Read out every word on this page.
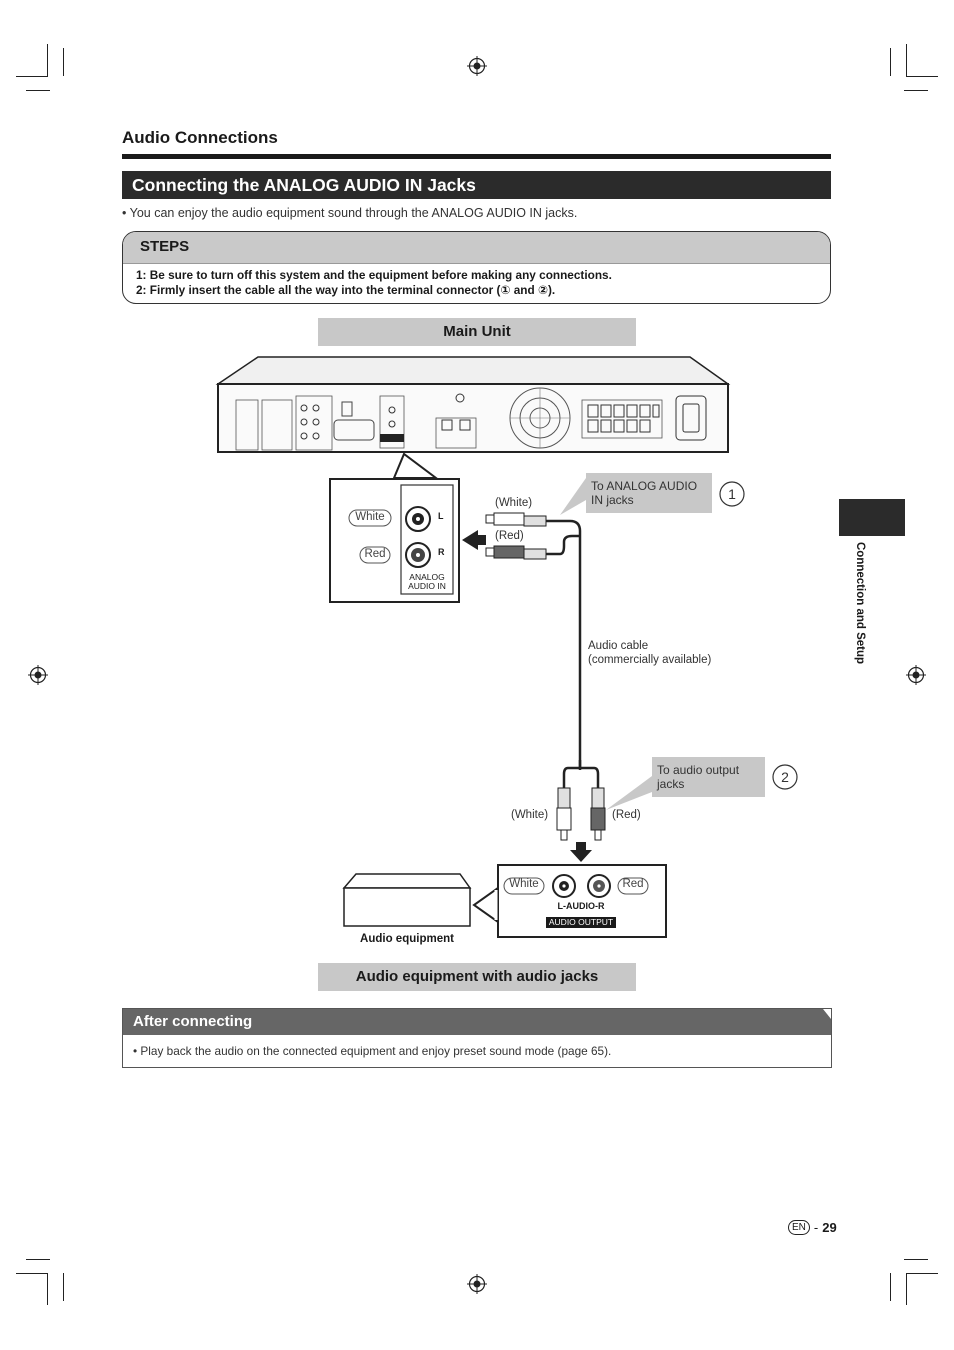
Audio Connections
Connecting the ANALOG AUDIO IN Jacks
• You can enjoy the audio equipment sound through the ANALOG AUDIO IN jacks.
STEPS
1: Be sure to turn off this system and the equipment before making any connections.
2: Firmly insert the cable all the way into the terminal connector (① and ②).
Main Unit
White
Red
L
R
ANALOG
AUDIO IN
(White)
(Red)
To ANALOG AUDIO
IN jacks	1
Audio cable
(commercially available)
To audio output
jacks	2
(White)	(Red)
White	Red
L-AUDIO-R
AUDIO OUTPUT
Audio equipment
Audio equipment with audio jacks
After connecting
• Play back the audio on the connected equipment and enjoy preset sound mode (page 65).
Connection and Setup
EN - 29
